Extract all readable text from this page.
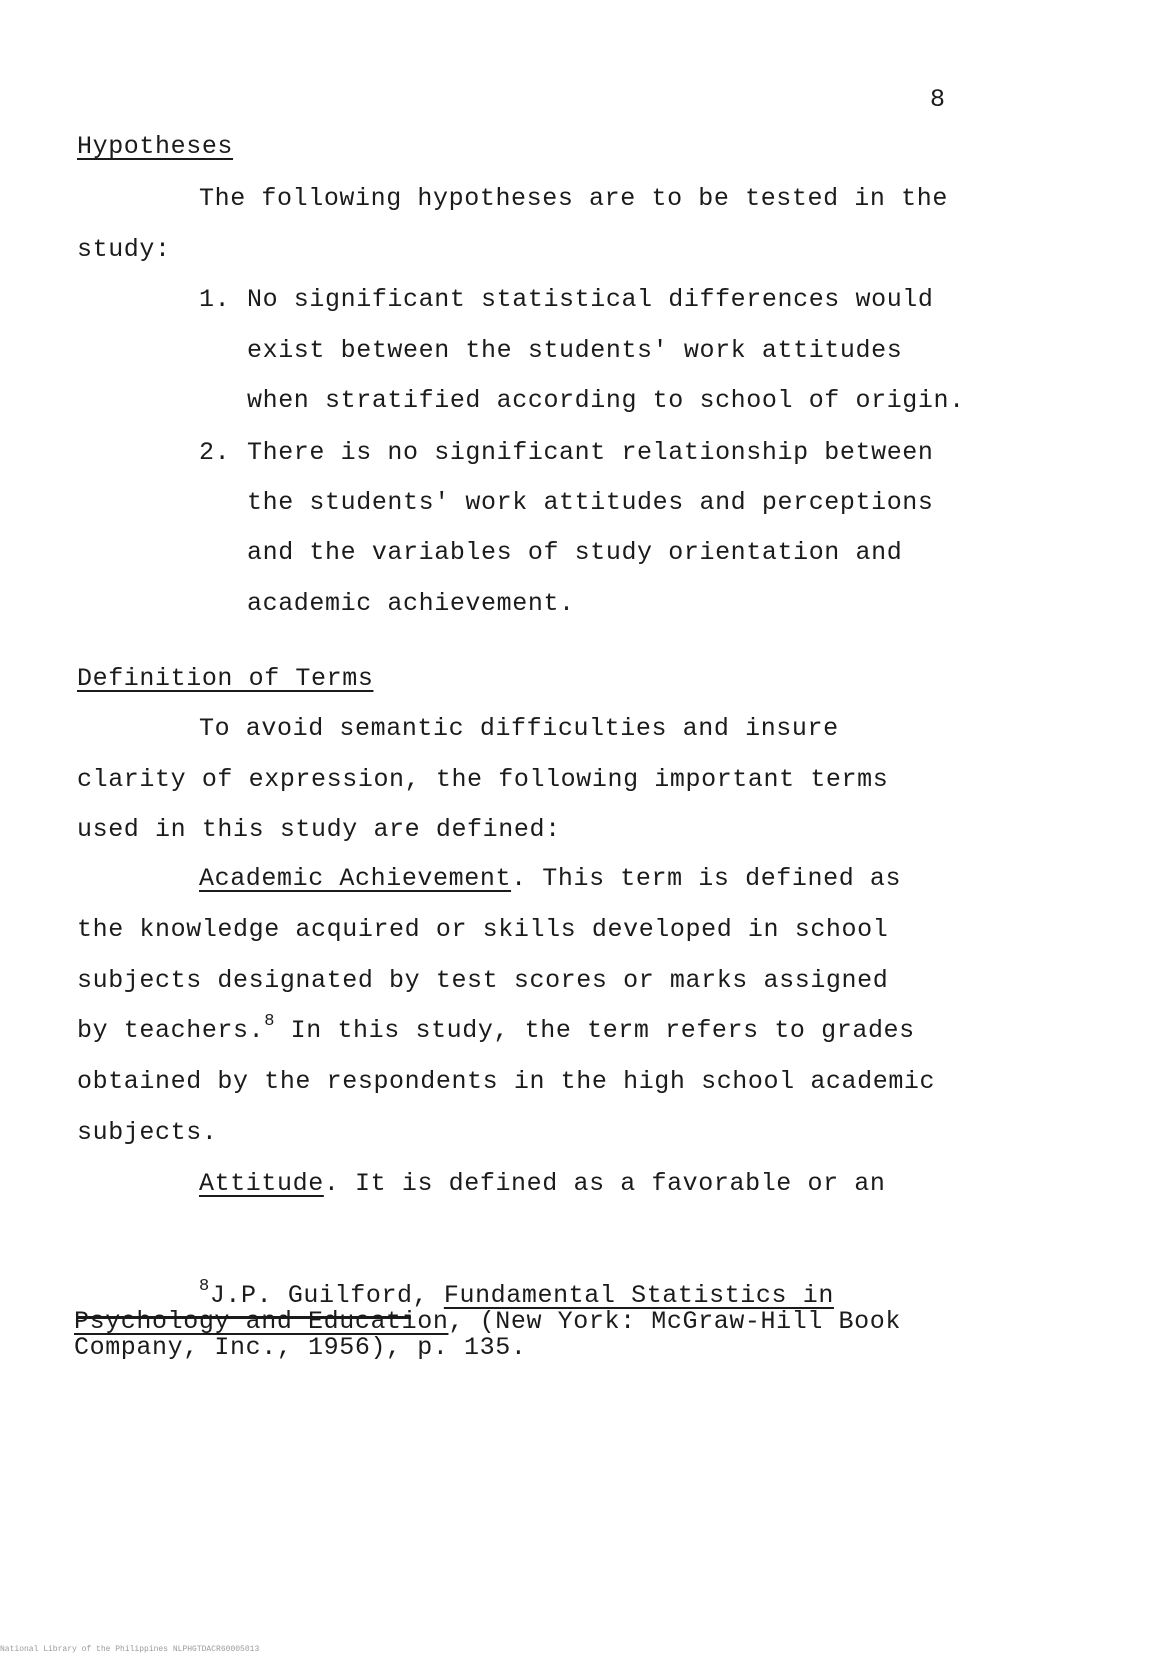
8
Hypotheses
The following hypotheses are to be tested in the
study:
1. No significant statistical differences would
exist between the students' work attitudes
when stratified according to school of origin.
2. There is no significant relationship between
the students' work attitudes and perceptions
and the variables of study orientation and
academic achievement.
Definition of Terms
To avoid semantic difficulties and insure
clarity of expression, the following important terms
used in this study are defined:
Academic Achievement. This term is defined as
the knowledge acquired or skills developed in school
subjects designated by test scores or marks assigned
by teachers.$^8$ In this study, the term refers to grades
obtained by the respondents in the high school academic
subjects.
Attitude. It is defined as a favorable or an
$^8$J.P. Guilford, Fundamental Statistics in
Psychology and Education, (New York: McGraw-Hill Book
Company, Inc., 1956), p. 135.
National Library of the Philippines NLPHGTDACR60005013
